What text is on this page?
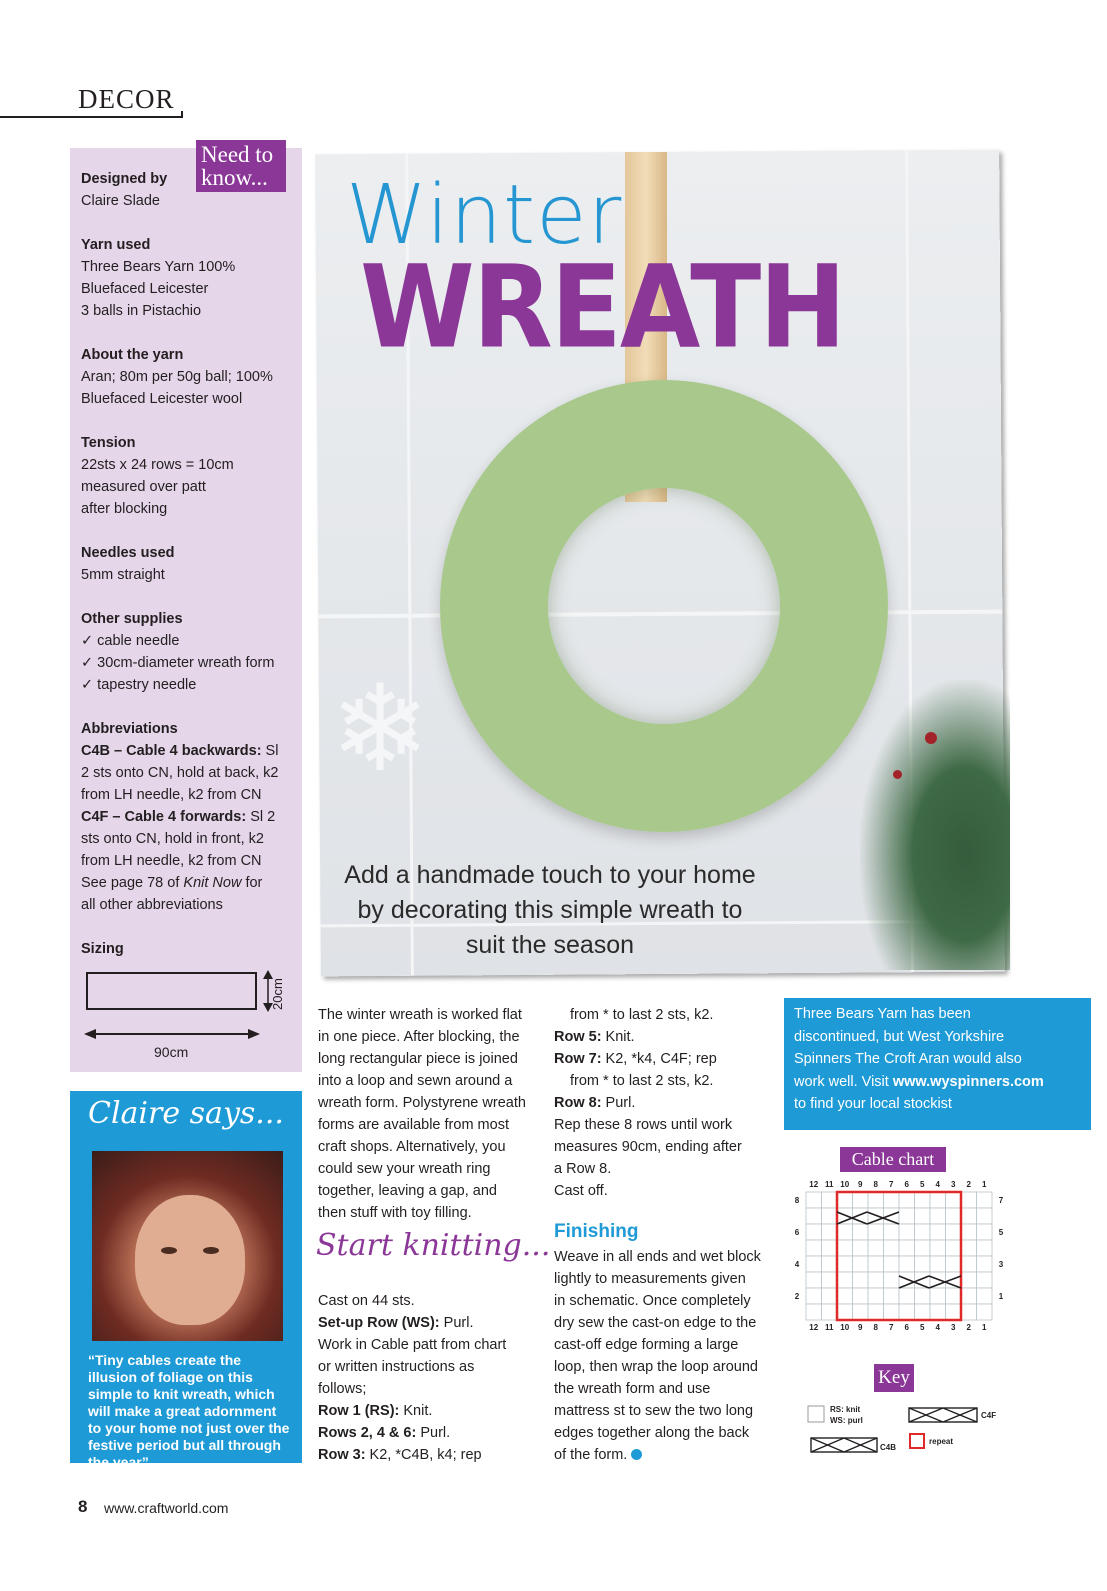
DECOR
Need to know...
Designed by
Claire Slade
Yarn used
Three Bears Yarn 100%
Bluefaced Leicester
3 balls in Pistachio
About the yarn
Aran; 80m per 50g ball; 100%
Bluefaced Leicester wool
Tension
22sts x 24 rows = 10cm
measured over patt
after blocking
Needles used
5mm straight
Other supplies
✓ cable needle
✓ 30cm-diameter wreath form
✓ tapestry needle
Abbreviations
C4B – Cable 4 backwards: Sl
2 sts onto CN, hold at back, k2
from LH needle, k2 from CN
C4F – Cable 4 forwards: Sl 2
sts onto CN, hold in front, k2
from LH needle, k2 from CN
See page 78 of Knit Now for
all other abbreviations
Sizing
90cm
20cm
Claire says...
“Tiny cables create the illusion of foliage on this simple to knit wreath, which will make a great adornment to your home not just over the festive period but all through the year”
❄
Winter
WREATH
Add a handmade touch to your home
by decorating this simple wreath to
suit the season
The winter wreath is worked flat
in one piece. After blocking, the
long rectangular piece is joined
into a loop and sewn around a
wreath form. Polystyrene wreath
forms are available from most
craft shops. Alternatively, you
could sew your wreath ring
together, leaving a gap, and
then stuff with toy filling.
Start knitting...
Cast on 44 sts.
Set-up Row (WS): Purl.
Work in Cable patt from chart
or written instructions as
follows;
Row 1 (RS): Knit.
Rows 2, 4 & 6: Purl.
Row 3: K2, *C4B, k4; rep
from * to last 2 sts, k2.
Row 5: Knit.
Row 7: K2, *k4, C4F; rep
from * to last 2 sts, k2.
Row 8: Purl.
Rep these 8 rows until work
measures 90cm, ending after
a Row 8.
Cast off.
Finishing
Weave in all ends and wet block
lightly to measurements given
in schematic. Once completely
dry sew the cast-on edge to the
cast-off edge forming a large
loop, then wrap the loop around
the wreath form and use
mattress st to sew the two long
edges together along the back
of the form.
Three Bears Yarn has been
discontinued, but West Yorkshire
Spinners The Croft Aran would also
work well. Visit www.wyspinners.com
to find your local stockist
Cable chart
12 11 10 9 8 7 6 5 4 3 2 1
12 11 10 9 8 7 6 5 4 3 2 1
7
5
3
1
8
6
4
2
Key
RS: knit
WS: purl
C4F
C4B
repeat
8 www.craftworld.com
